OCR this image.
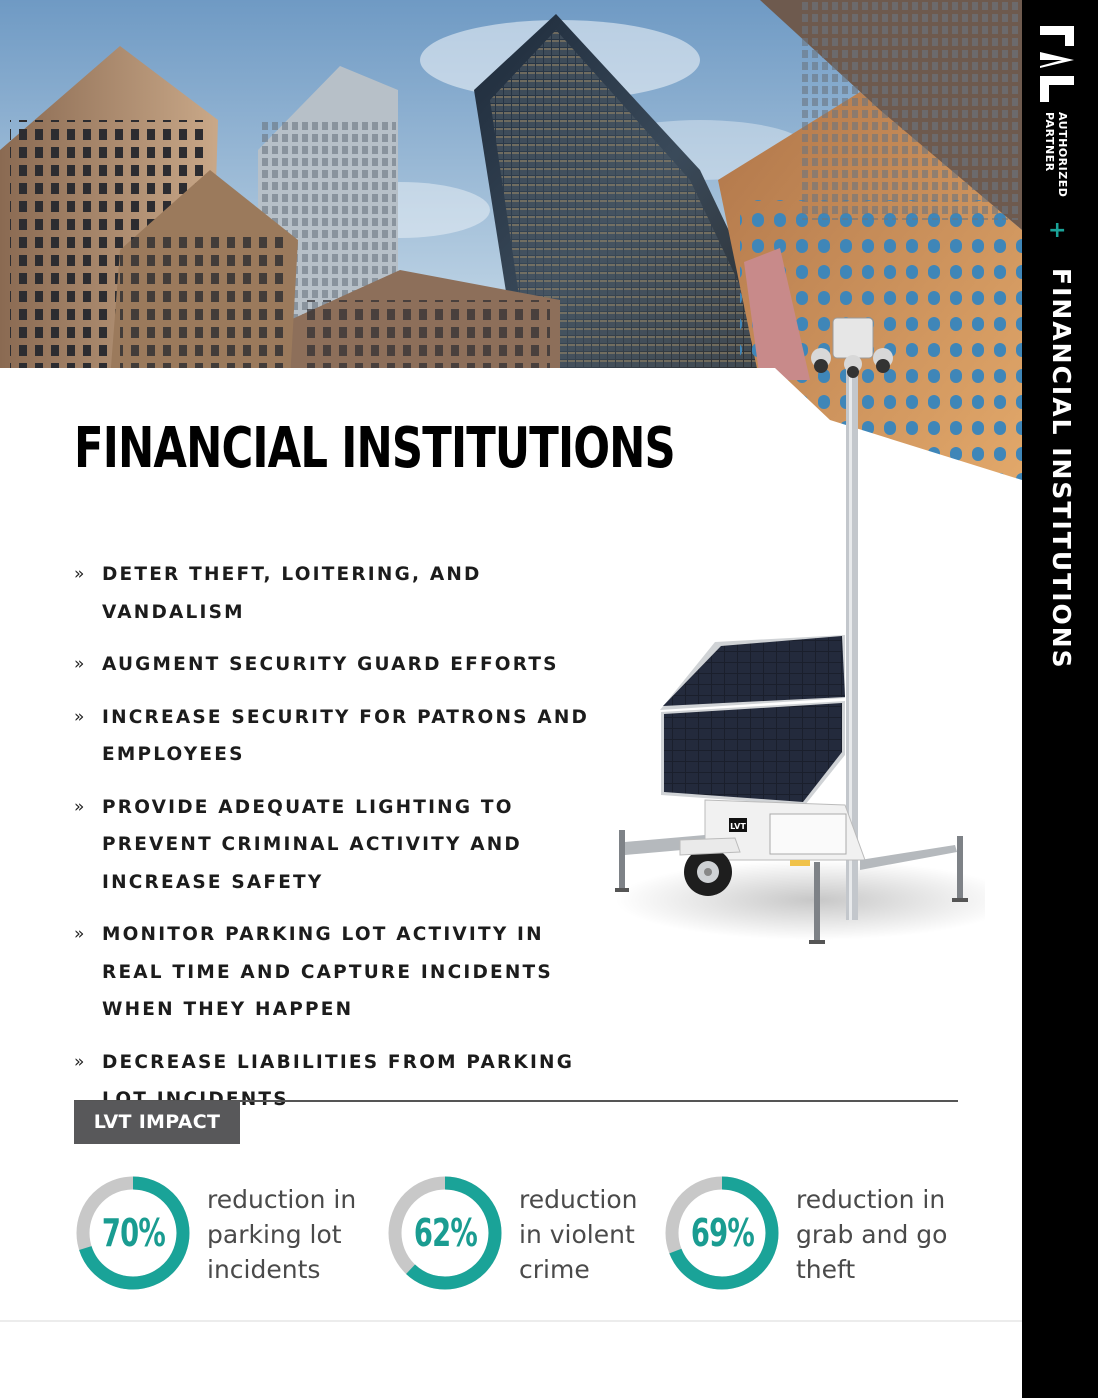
AUTHORIZED
PARTNER
+
FINANCIAL INSTITUTIONS
FINANCIAL INSTITUTIONS
» DETER THEFT, LOITERING, AND VANDALISM
» AUGMENT SECURITY GUARD EFFORTS
» INCREASE SECURITY FOR PATRONS AND EMPLOYEES
» PROVIDE ADEQUATE LIGHTING TO PREVENT CRIMINAL ACTIVITY AND INCREASE SAFETY
» MONITOR PARKING LOT ACTIVITY IN REAL TIME AND CAPTURE INCIDENTS WHEN THEY HAPPEN
» DECREASE LIABILITIES FROM PARKING
LVT
LVT IMPACT
70%
reduction in
parking lot
incidents
62%
reduction
in violent
crime
69%
reduction in
grab and go
theft
